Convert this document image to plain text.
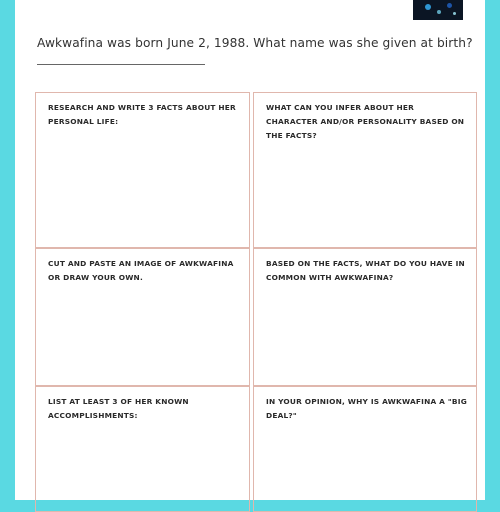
Awkwafina was born June 2, 1988. What name was she given at birth?
RESEARCH AND WRITE 3 FACTS ABOUT HER PERSONAL LIFE:
WHAT CAN YOU INFER ABOUT HER CHARACTER AND/OR PERSONALITY BASED ON THE FACTS?
CUT AND PASTE AN IMAGE OF AWKWAFINA OR DRAW YOUR OWN.
BASED ON THE FACTS, WHAT DO YOU HAVE IN COMMON WITH AWKWAFINA?
LIST AT LEAST 3 OF HER KNOWN ACCOMPLISHMENTS:
IN YOUR OPINION, WHY IS AWKWAFINA A "BIG DEAL?"
